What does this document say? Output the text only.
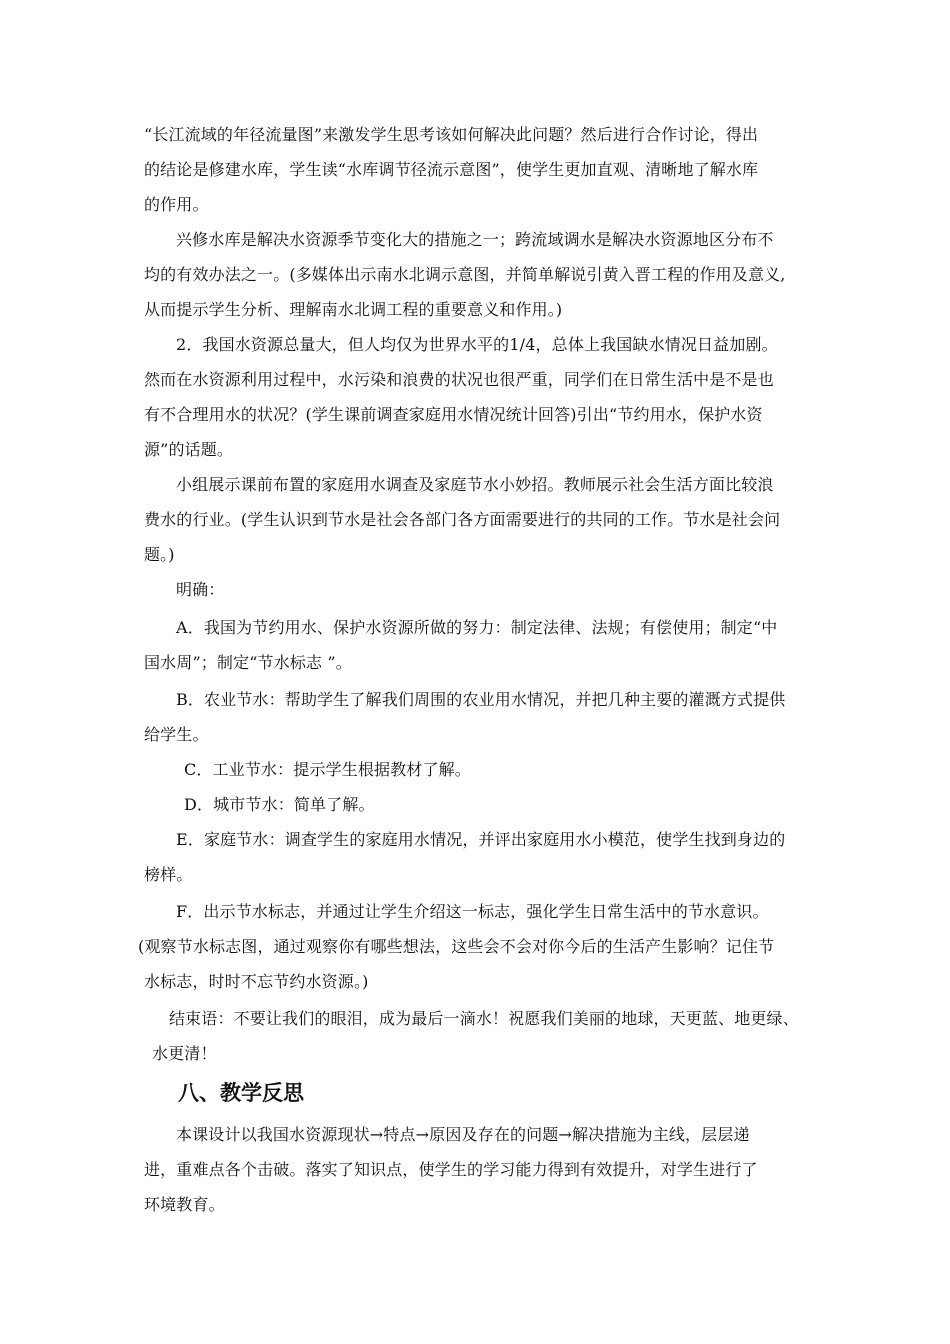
“长江流域的年径流量图”来激发学生思考该如何解决此问题？然后进行合作讨论，得出
的结论是修建水库，学生读“水库调节径流示意图”，使学生更加直观、清晰地了解水库
的作用。
兴修水库是解决水资源季节变化大的措施之一；跨流域调水是解决水资源地区分布不
均的有效办法之一。(多媒体出示南水北调示意图，并简单解说引黄入晋工程的作用及意义,
从而提示学生分析、理解南水北调工程的重要意义和作用。)
2．我国水资源总量大，但人均仅为世界水平的1/4，总体上我国缺水情况日益加剧。
然而在水资源利用过程中，水污染和浪费的状况也很严重，同学们在日常生活中是不是也
有不合理用水的状况？(学生课前调查家庭用水情况统计回答)引出“节约用水，保护水资
源”的话题。
小组展示课前布置的家庭用水调查及家庭节水小妙招。教师展示社会生活方面比较浪
费水的行业。(学生认识到节水是社会各部门各方面需要进行的共同的工作。节水是社会问
题。)
明确：
A．我国为节约用水、保护水资源所做的努力：制定法律、法规；有偿使用；制定“中
国水周”；制定“节水标志 ”。
B．农业节水：帮助学生了解我们周围的农业用水情况，并把几种主要的灌溉方式提供
给学生。
C．工业节水：提示学生根据教材了解。
D．城市节水：简单了解。
E．家庭节水：调查学生的家庭用水情况，并评出家庭用水小模范，使学生找到身边的
榜样。
F．出示节水标志，并通过让学生介绍这一标志，强化学生日常生活中的节水意识。
(观察节水标志图，通过观察你有哪些想法，这些会不会对你今后的生活产生影响？记住节
水标志，时时不忘节约水资源。)
结束语：不要让我们的眼泪，成为最后一滴水！祝愿我们美丽的地球，天更蓝、地更绿、
水更清！
八、教学反思
本课设计以我国水资源现状→特点→原因及存在的问题→解决措施为主线，层层递
进，重难点各个击破。落实了知识点，使学生的学习能力得到有效提升，对学生进行了
环境教育。
